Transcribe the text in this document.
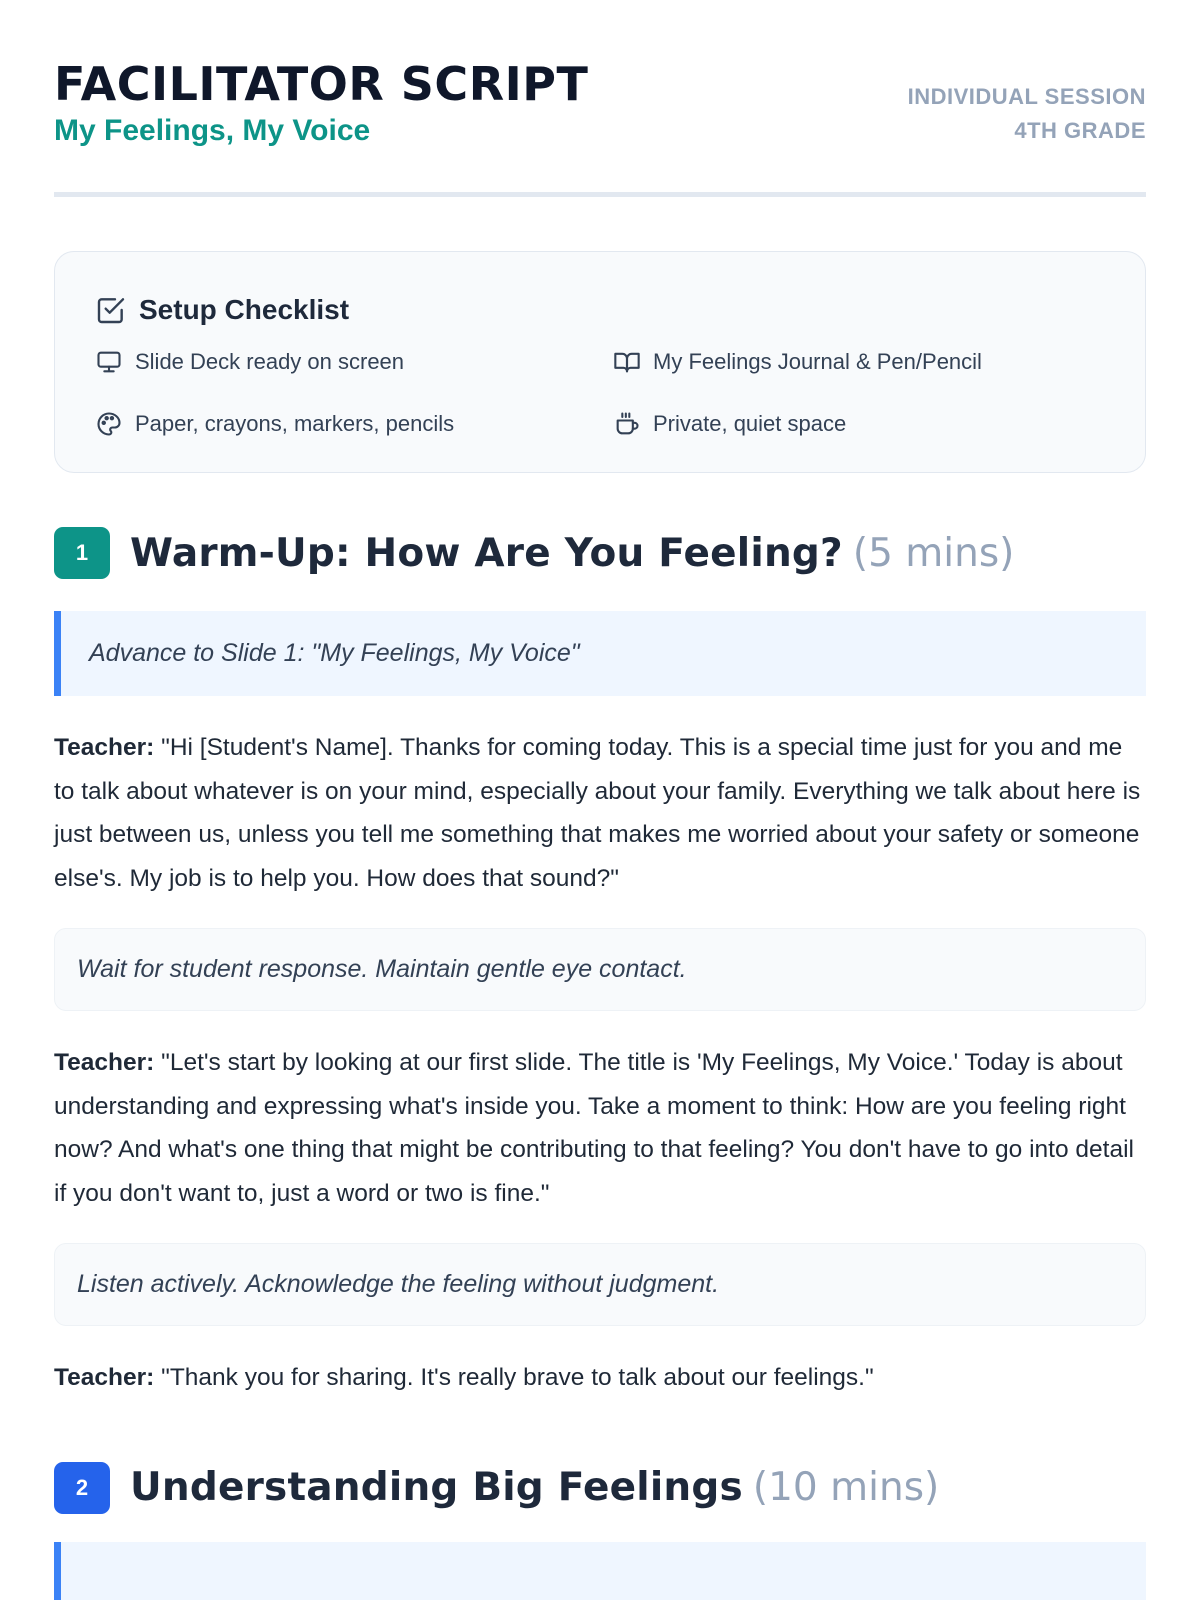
FACILITATOR SCRIPT
My Feelings, My Voice
INDIVIDUAL SESSION
4TH GRADE
Setup Checklist
Slide Deck ready on screen	My Feelings Journal & Pen/Pencil
Paper, crayons, markers, pencils	Private, quiet space
1	Warm-Up: How Are You Feeling? (5 mins)
Advance to Slide 1: "My Feelings, My Voice"

Teacher: "Hi [Student's Name]. Thanks for coming today. This is a special time just for you and me to talk about whatever is on your mind, especially about your family. Everything we talk about here is just between us, unless you tell me something that makes me worried about your safety or someone else's. My job is to help you. How does that sound?"

Wait for student response. Maintain gentle eye contact.

Teacher: "Let's start by looking at our first slide. The title is 'My Feelings, My Voice.' Today is about understanding and expressing what's inside you. Take a moment to think: How are you feeling right now? And what's one thing that might be contributing to that feeling? You don't have to go into detail if you don't want to, just a word or two is fine."

Listen actively. Acknowledge the feeling without judgment.

Teacher: "Thank you for sharing. It's really brave to talk about our feelings."

2	Understanding Big Feelings (10 mins)
